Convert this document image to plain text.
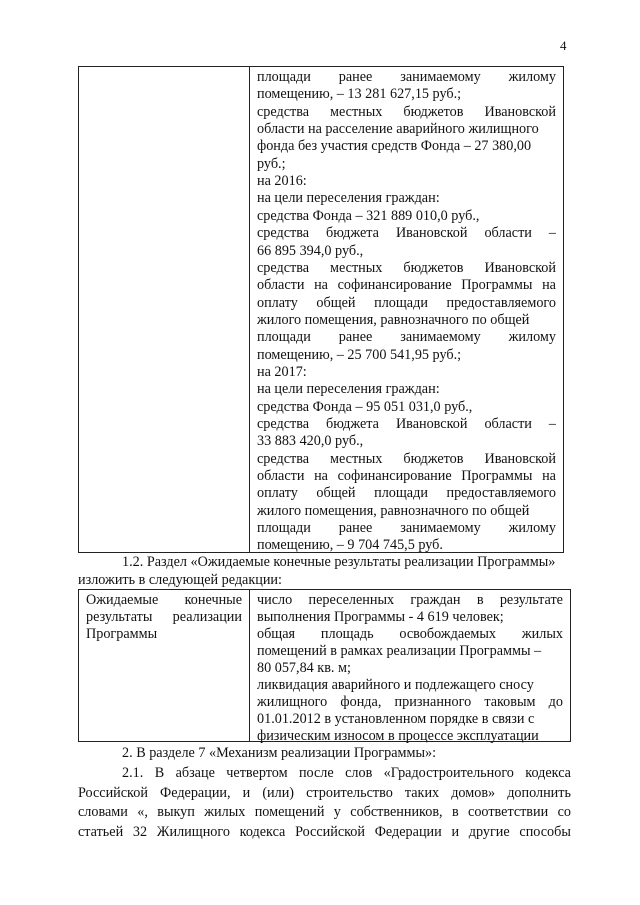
4
площади ранее занимаемому жилому
помещению, – 13 281 627,15 руб.;
средства местных бюджетов Ивановской
области на расселение аварийного жилищного
фонда без участия средств Фонда – 27 380,00
руб.;
на 2016:
на цели переселения граждан:
средства Фонда – 321 889 010,0 руб.,
средства бюджета Ивановской области –
66 895 394,0 руб.,
средства местных бюджетов Ивановской
области на софинансирование Программы на
оплату общей площади предоставляемого
жилого помещения, равнозначного по общей
площади ранее занимаемому жилому
помещению, – 25 700 541,95 руб.;
на 2017:
на цели переселения граждан:
средства Фонда – 95 051 031,0 руб.,
средства бюджета Ивановской области –
33 883 420,0 руб.,
средства местных бюджетов Ивановской
области на софинансирование Программы на
оплату общей площади предоставляемого
жилого помещения, равнозначного по общей
площади ранее занимаемому жилому
помещению, – 9 704 745,5 руб.
1.2. Раздел «Ожидаемые конечные результаты реализации Программы»
изложить в следующей редакции:
Ожидаемые конечные
результаты реализации
Программы
число переселенных граждан в результате
выполнения Программы - 4 619 человек;
общая площадь освобождаемых жилых
помещений в рамках реализации Программы –
80 057,84 кв. м;
ликвидация аварийного и подлежащего сносу
жилищного фонда, признанного таковым до
01.01.2012 в установленном порядке в связи с
физическим износом в процессе эксплуатации
2. В разделе 7 «Механизм реализации Программы»:
2.1. В абзаце четвертом после слов «Градостроительного кодекса
Российской Федерации, и (или) строительство таких домов» дополнить
словами «, выкуп жилых помещений у собственников, в соответствии со
статьей 32 Жилищного кодекса Российской Федерации и другие способы
